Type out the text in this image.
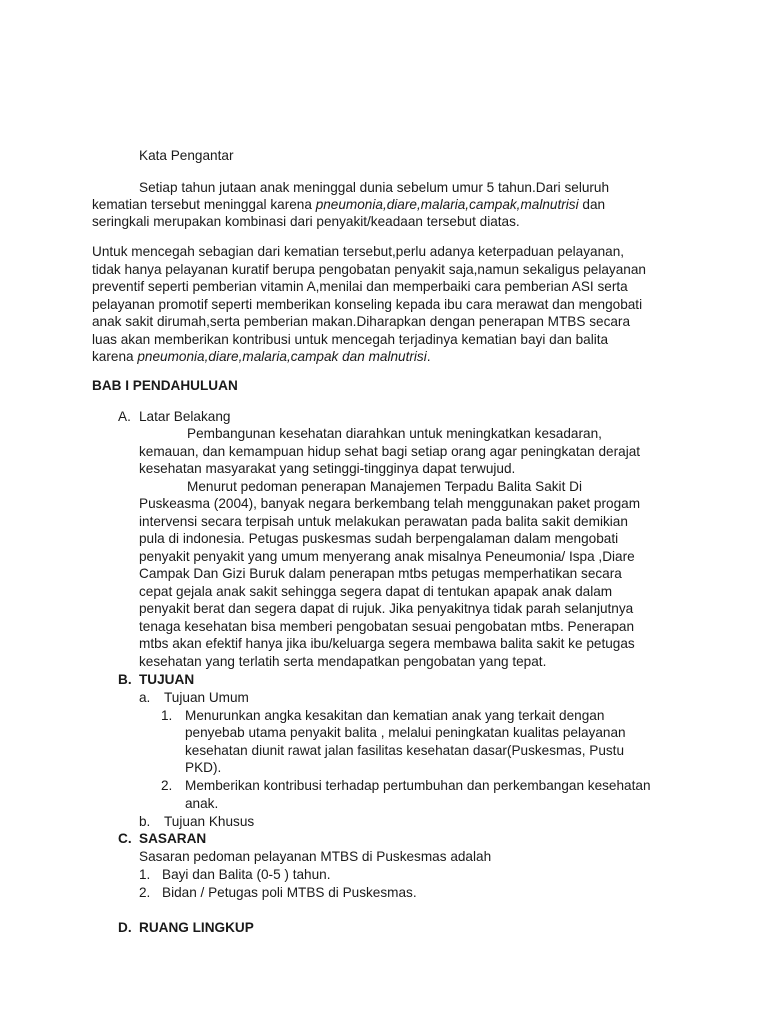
Kata Pengantar
Setiap tahun jutaan anak meninggal dunia sebelum umur 5 tahun.Dari seluruh
kematian tersebut meninggal karena pneumonia,diare,malaria,campak,malnutrisi dan
seringkali merupakan kombinasi dari penyakit/keadaan tersebut diatas.
Untuk mencegah sebagian dari kematian tersebut,perlu adanya keterpaduan pelayanan,
tidak hanya pelayanan kuratif berupa pengobatan penyakit saja,namun sekaligus pelayanan
preventif seperti pemberian vitamin A,menilai dan memperbaiki cara pemberian ASI serta
pelayanan promotif seperti memberikan konseling kepada ibu cara merawat dan mengobati
anak sakit dirumah,serta pemberian makan.Diharapkan dengan penerapan MTBS secara
luas akan memberikan kontribusi untuk mencegah terjadinya kematian bayi dan balita
karena pneumonia,diare,malaria,campak dan malnutrisi.
BAB I PENDAHULUAN
A. Latar Belakang
Pembangunan kesehatan diarahkan untuk meningkatkan kesadaran,
kemauan, dan kemampuan hidup sehat bagi setiap orang agar peningkatan derajat
kesehatan masyarakat yang setinggi-tingginya dapat terwujud.
Menurut pedoman penerapan Manajemen Terpadu Balita Sakit Di
Puskeasma (2004), banyak negara berkembang telah menggunakan paket progam
intervensi secara terpisah untuk melakukan perawatan pada balita sakit demikian
pula di indonesia. Petugas puskesmas sudah berpengalaman dalam mengobati
penyakit penyakit yang umum menyerang anak misalnya Peneumonia/ Ispa ,Diare
Campak Dan Gizi Buruk dalam penerapan mtbs petugas memperhatikan secara
cepat gejala anak sakit sehingga segera dapat di tentukan apapak anak dalam
penyakit berat dan segera dapat di rujuk. Jika penyakitnya tidak parah selanjutnya
tenaga kesehatan bisa memberi pengobatan sesuai pengobatan mtbs. Penerapan
mtbs akan efektif hanya jika ibu/keluarga segera membawa balita sakit ke petugas
kesehatan yang terlatih serta mendapatkan pengobatan yang tepat.
B. TUJUAN
a. Tujuan Umum
1. Menurunkan angka kesakitan dan kematian anak yang terkait dengan
penyebab utama penyakit balita , melalui peningkatan kualitas pelayanan
kesehatan diunit rawat jalan fasilitas kesehatan dasar(Puskesmas, Pustu
PKD).
2. Memberikan kontribusi terhadap pertumbuhan dan perkembangan kesehatan
anak.
b. Tujuan Khusus
C. SASARAN
Sasaran pedoman pelayanan MTBS di Puskesmas adalah
1. Bayi dan Balita (0-5 ) tahun.
2. Bidan / Petugas poli MTBS di Puskesmas.
D. RUANG LINGKUP
